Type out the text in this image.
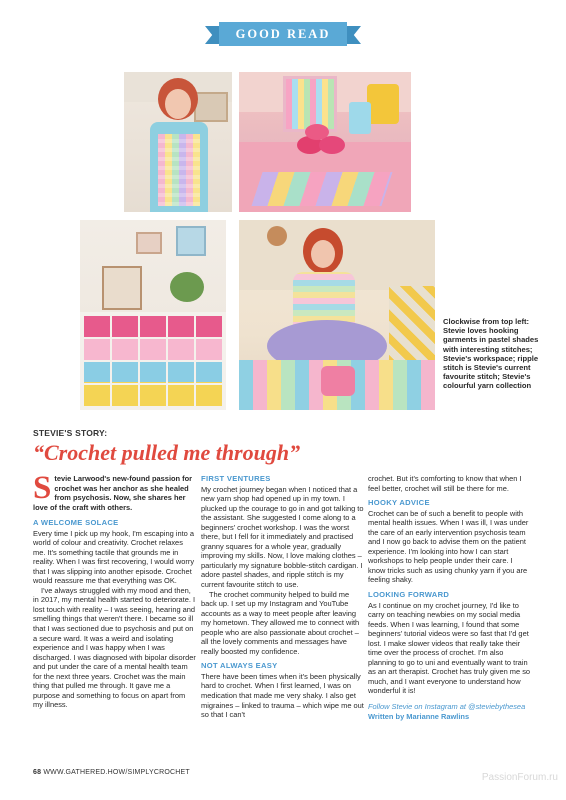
GOOD READ
Clockwise from top left: Stevie loves hooking garments in pastel shades with interesting stitches; Stevie's workspace; ripple stitch is Stevie's current favourite stitch; Stevie's colourful yarn collection
STEVIE'S STORY:
“Crochet pulled me through”
Stevie Larwood's new-found passion for crochet was her anchor as she healed from psychosis. Now, she shares her love of the craft with others.
A WELCOME SOLACE

Every time I pick up my hook, I'm escaping into a world of colour and creativity. Crochet relaxes me. It's something tactile that grounds me in reality. When I was first recovering, I would worry that I was slipping into another episode. Crochet would reassure me that everything was OK.

I've always struggled with my mood and then, in 2017, my mental health started to deteriorate. I lost touch with reality – I was seeing, hearing and smelling things that weren't there. I became so ill that I was sectioned due to psychosis and put on a secure ward. It was a weird and isolating experience and I was happy when I was discharged. I was diagnosed with bipolar disorder and put under the care of a mental health team for the next three years. Crochet was the main thing that pulled me through. It gave me a purpose and something to focus on apart from my illness.

FIRST VENTURES

My crochet journey began when I noticed that a new yarn shop had opened up in my town. I plucked up the courage to go in and got talking to the assistant. She suggested I come along to a beginners' crochet workshop. I was the worst there, but I fell for it immediately and practised granny squares for a whole year, gradually improving my skills. Now, I love making clothes – particularly my signature bobble-stitch cardigan. I adore pastel shades, and ripple stitch is my current favourite stitch to use.

The crochet community helped to build me back up. I set up my Instagram and YouTube accounts as a way to meet people after leaving my hometown. They allowed me to connect with people who are also passionate about crochet – all the lovely comments and messages have really boosted my confidence.

NOT ALWAYS EASY

There have been times when it's been physically hard to crochet. When I first learned, I was on medication that made me very shaky. I also get migraines – linked to trauma – which wipe me out so that I can't

crochet. But it's comforting to know that when I feel better, crochet will still be there for me.

HOOKY ADVICE

Crochet can be of such a benefit to people with mental health issues. When I was ill, I was under the care of an early intervention psychosis team and I now go back to advise them on the patient experience. I'm looking into how I can start workshops to help people under their care. I know tricks such as using chunky yarn if you are feeling shaky.

LOOKING FORWARD

As I continue on my crochet journey, I'd like to carry on teaching newbies on my social media feeds. When I was learning, I found that some beginners' tutorial videos were so fast that I'd get lost. I make slower videos that really take their time over the process of crochet. I'm also planning to go to uni and eventually want to train as an art therapist. Crochet has truly given me so much, and I want everyone to understand how wonderful it is!

Follow Stevie on Instagram at @steviebythesea
Written by Marianne Rawlins
68 WWW.GATHERED.HOW/SIMPLYCROCHET	PassionForum.ru
